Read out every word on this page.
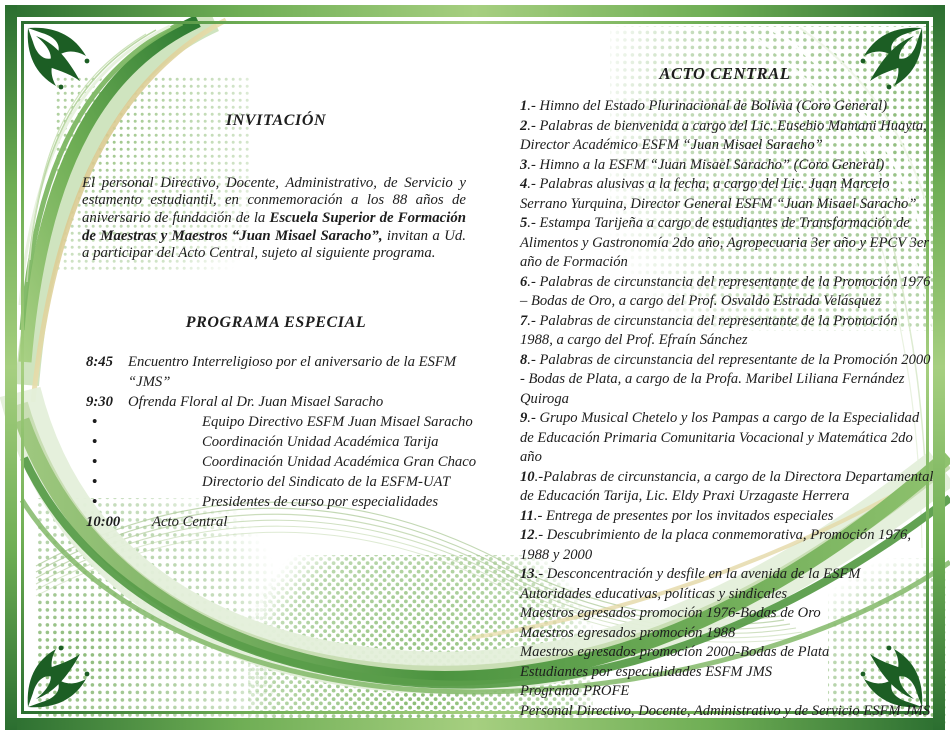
INVITACIÓN

El personal Directivo, Docente, Administrativo, de Servicio y estamento estudiantil, en conmemoración a los 88 años de aniversario de fundación de la Escuela Superior de Formación de Maestras y Maestros “Juan Misael Saracho”, invitan a Ud. a participar del Acto Central, sujeto al siguiente programa.

PROGRAMA ESPECIAL
8:45	Encuentro Interreligioso por el aniversario de la ESFM “JMS”
9:30	Ofrenda Floral al Dr. Juan Misael Saracho
•	Equipo Directivo ESFM Juan Misael Saracho
•	Coordinación Unidad Académica Tarija
•	Coordinación Unidad Académica Gran Chaco
•	Directorio del Sindicato de la ESFM-UAT
•	Presidentes de curso por especialidades
10:00	Acto Central
ACTO CENTRAL
1.- Himno del Estado Plurinacional de Bolivia (Coro General)
2.- Palabras de bienvenida a cargo del Lic. Eusebio Mamani Huayta, Director Académico ESFM “Juan Misael Saracho”
3.- Himno a la ESFM “Juan Misael Saracho” (Coro General)
4.- Palabras alusivas a la fecha, a cargo del Lic. Juan Marcelo Serrano Yurquina, Director General ESFM “Juan Misael Saracho”
5.- Estampa Tarijeña a cargo de estudiantes de Transformación de Alimentos y Gastronomía 2do año, Agropecuaria 3er año y EPCV 3er año de Formación
6.- Palabras de circunstancia del representante de la Promoción 1976 – Bodas de Oro, a cargo del Prof. Osvaldo Estrada Velásquez
7.- Palabras de circunstancia del representante de la Promoción 1988, a cargo del Prof. Efraín Sánchez
8.- Palabras de circunstancia del representante de la Promoción 2000 - Bodas de Plata, a cargo de la Profa. Maribel Liliana Fernández Quiroga
9.- Grupo Musical Chetelo y los Pampas a cargo de la Especialidad de Educación Primaria Comunitaria Vocacional y Matemática 2do año
10.-Palabras de circunstancia, a cargo de la Directora Departamental de Educación Tarija, Lic. Eldy Praxi Urzagaste Herrera
11.- Entrega de presentes por los invitados especiales
12.- Descubrimiento de la placa conmemorativa, Promoción 1976, 1988 y 2000
13.- Desconcentración y desfile en la avenida de la ESFM
Autoridades educativas, políticas y sindicales
Maestros egresados promoción 1976-Bodas de Oro
Maestros egresados promoción 1988
Maestros egresados promoción 2000-Bodas de Plata
Estudiantes por especialidades ESFM JMS
Programa PROFE
Personal Directivo, Docente, Administrativo y de Servicio ESFM JMS
